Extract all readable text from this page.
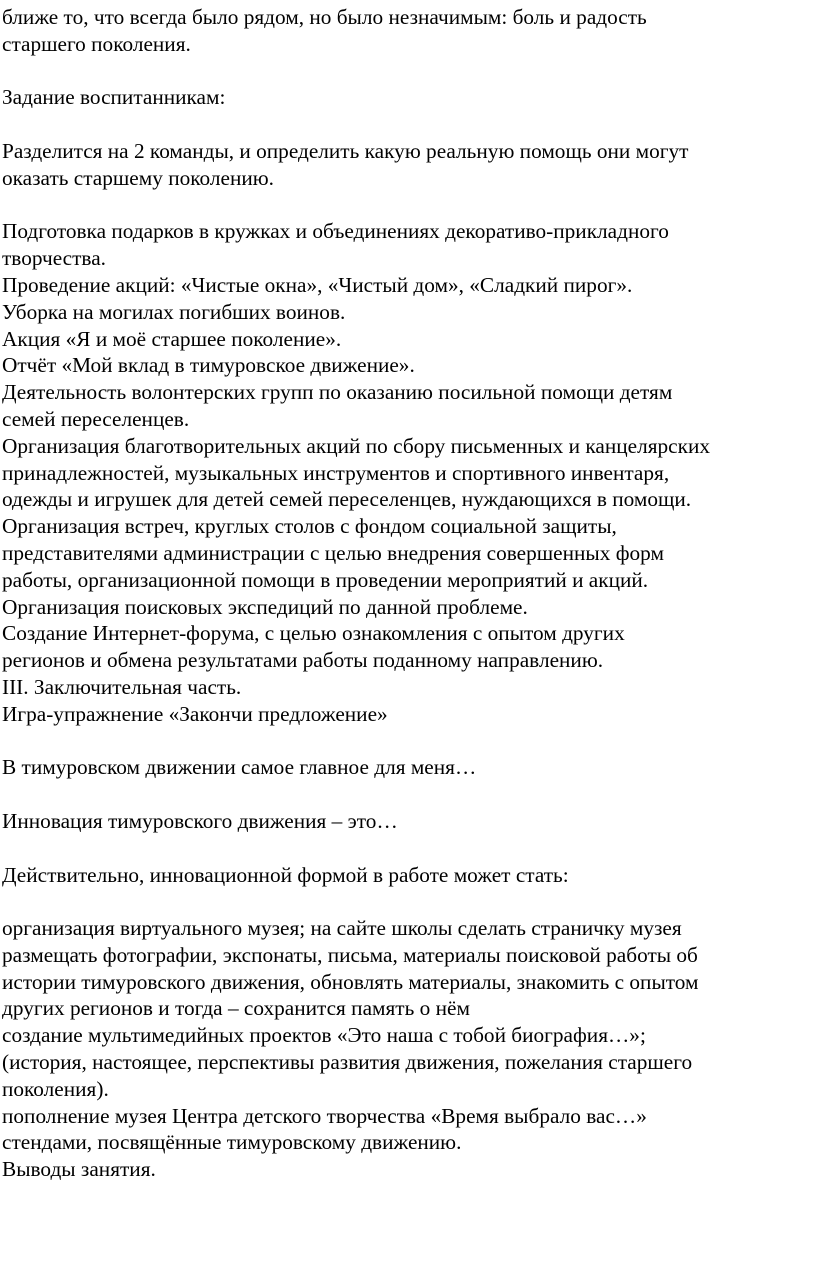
ближе то, что всегда было рядом, но было незначимым: боль и радость
старшего поколения.
Задание воспитанникам:
Разделится на 2 команды, и определить какую реальную помощь они могут
оказать старшему поколению.
Подготовка подарков в кружках и объединениях декоративо-прикладного
творчества.
Проведение акций: «Чистые окна», «Чистый дом», «Сладкий пирог».
Уборка на могилах погибших воинов.
Акция «Я и моё старшее поколение».
Отчёт «Мой вклад в тимуровское движение».
Деятельность волонтерских групп по оказанию посильной помощи детям
семей переселенцев.
Организация благотворительных акций по сбору письменных и канцелярских
принадлежностей, музыкальных инструментов и спортивного инвентаря,
одежды и игрушек для детей семей переселенцев, нуждающихся в помощи.
Организация встреч, круглых столов с фондом социальной защиты,
представителями администрации с целью внедрения совершенных форм
работы, организационной помощи в проведении мероприятий и акций.
Организация поисковых экспедиций по данной проблеме.
Создание Интернет-форума, с целью ознакомления с опытом других
регионов и обмена результатами работы поданному направлению.
III. Заключительная часть.
Игра-упражнение «Закончи предложение»
В тимуровском движении самое главное для меня…
Инновация тимуровского движения – это…
Действительно, инновационной формой в работе может стать:
организация виртуального музея; на сайте школы сделать страничку музея
размещать фотографии, экспонаты, письма, материалы поисковой работы об
истории тимуровского движения, обновлять материалы, знакомить с опытом
других регионов и тогда – сохранится память о нём
создание мультимедийных проектов «Это наша с тобой биография…»;
(история, настоящее, перспективы развития движения, пожелания старшего
поколения).
пополнение музея Центра детского творчества «Время выбрало вас…»
стендами, посвящённые тимуровскому движению.
Выводы занятия.
